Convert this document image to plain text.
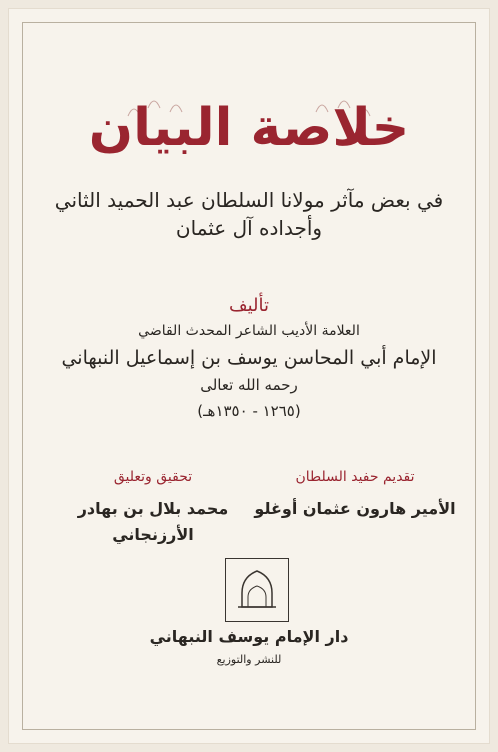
خلاصة البيان
في بعض مآثر مولانا السلطان عبد الحميد الثاني
وأجداده آل عثمان
تأليف
العلامة الأديب الشاعر المحدث القاضي
الإمام أبي المحاسن يوسف بن إسماعيل النبهاني
رحمه الله تعالى
(١٢٦٥ - ١٣٥٠هـ)
تقديم حفيد السلطان
الأمير هارون عثمان أوغلو
تحقيق وتعليق
محمد بلال بن بهادر الأرزنجاني
دار الإمام يوسف النبهاني
للنشر والتوزيع
